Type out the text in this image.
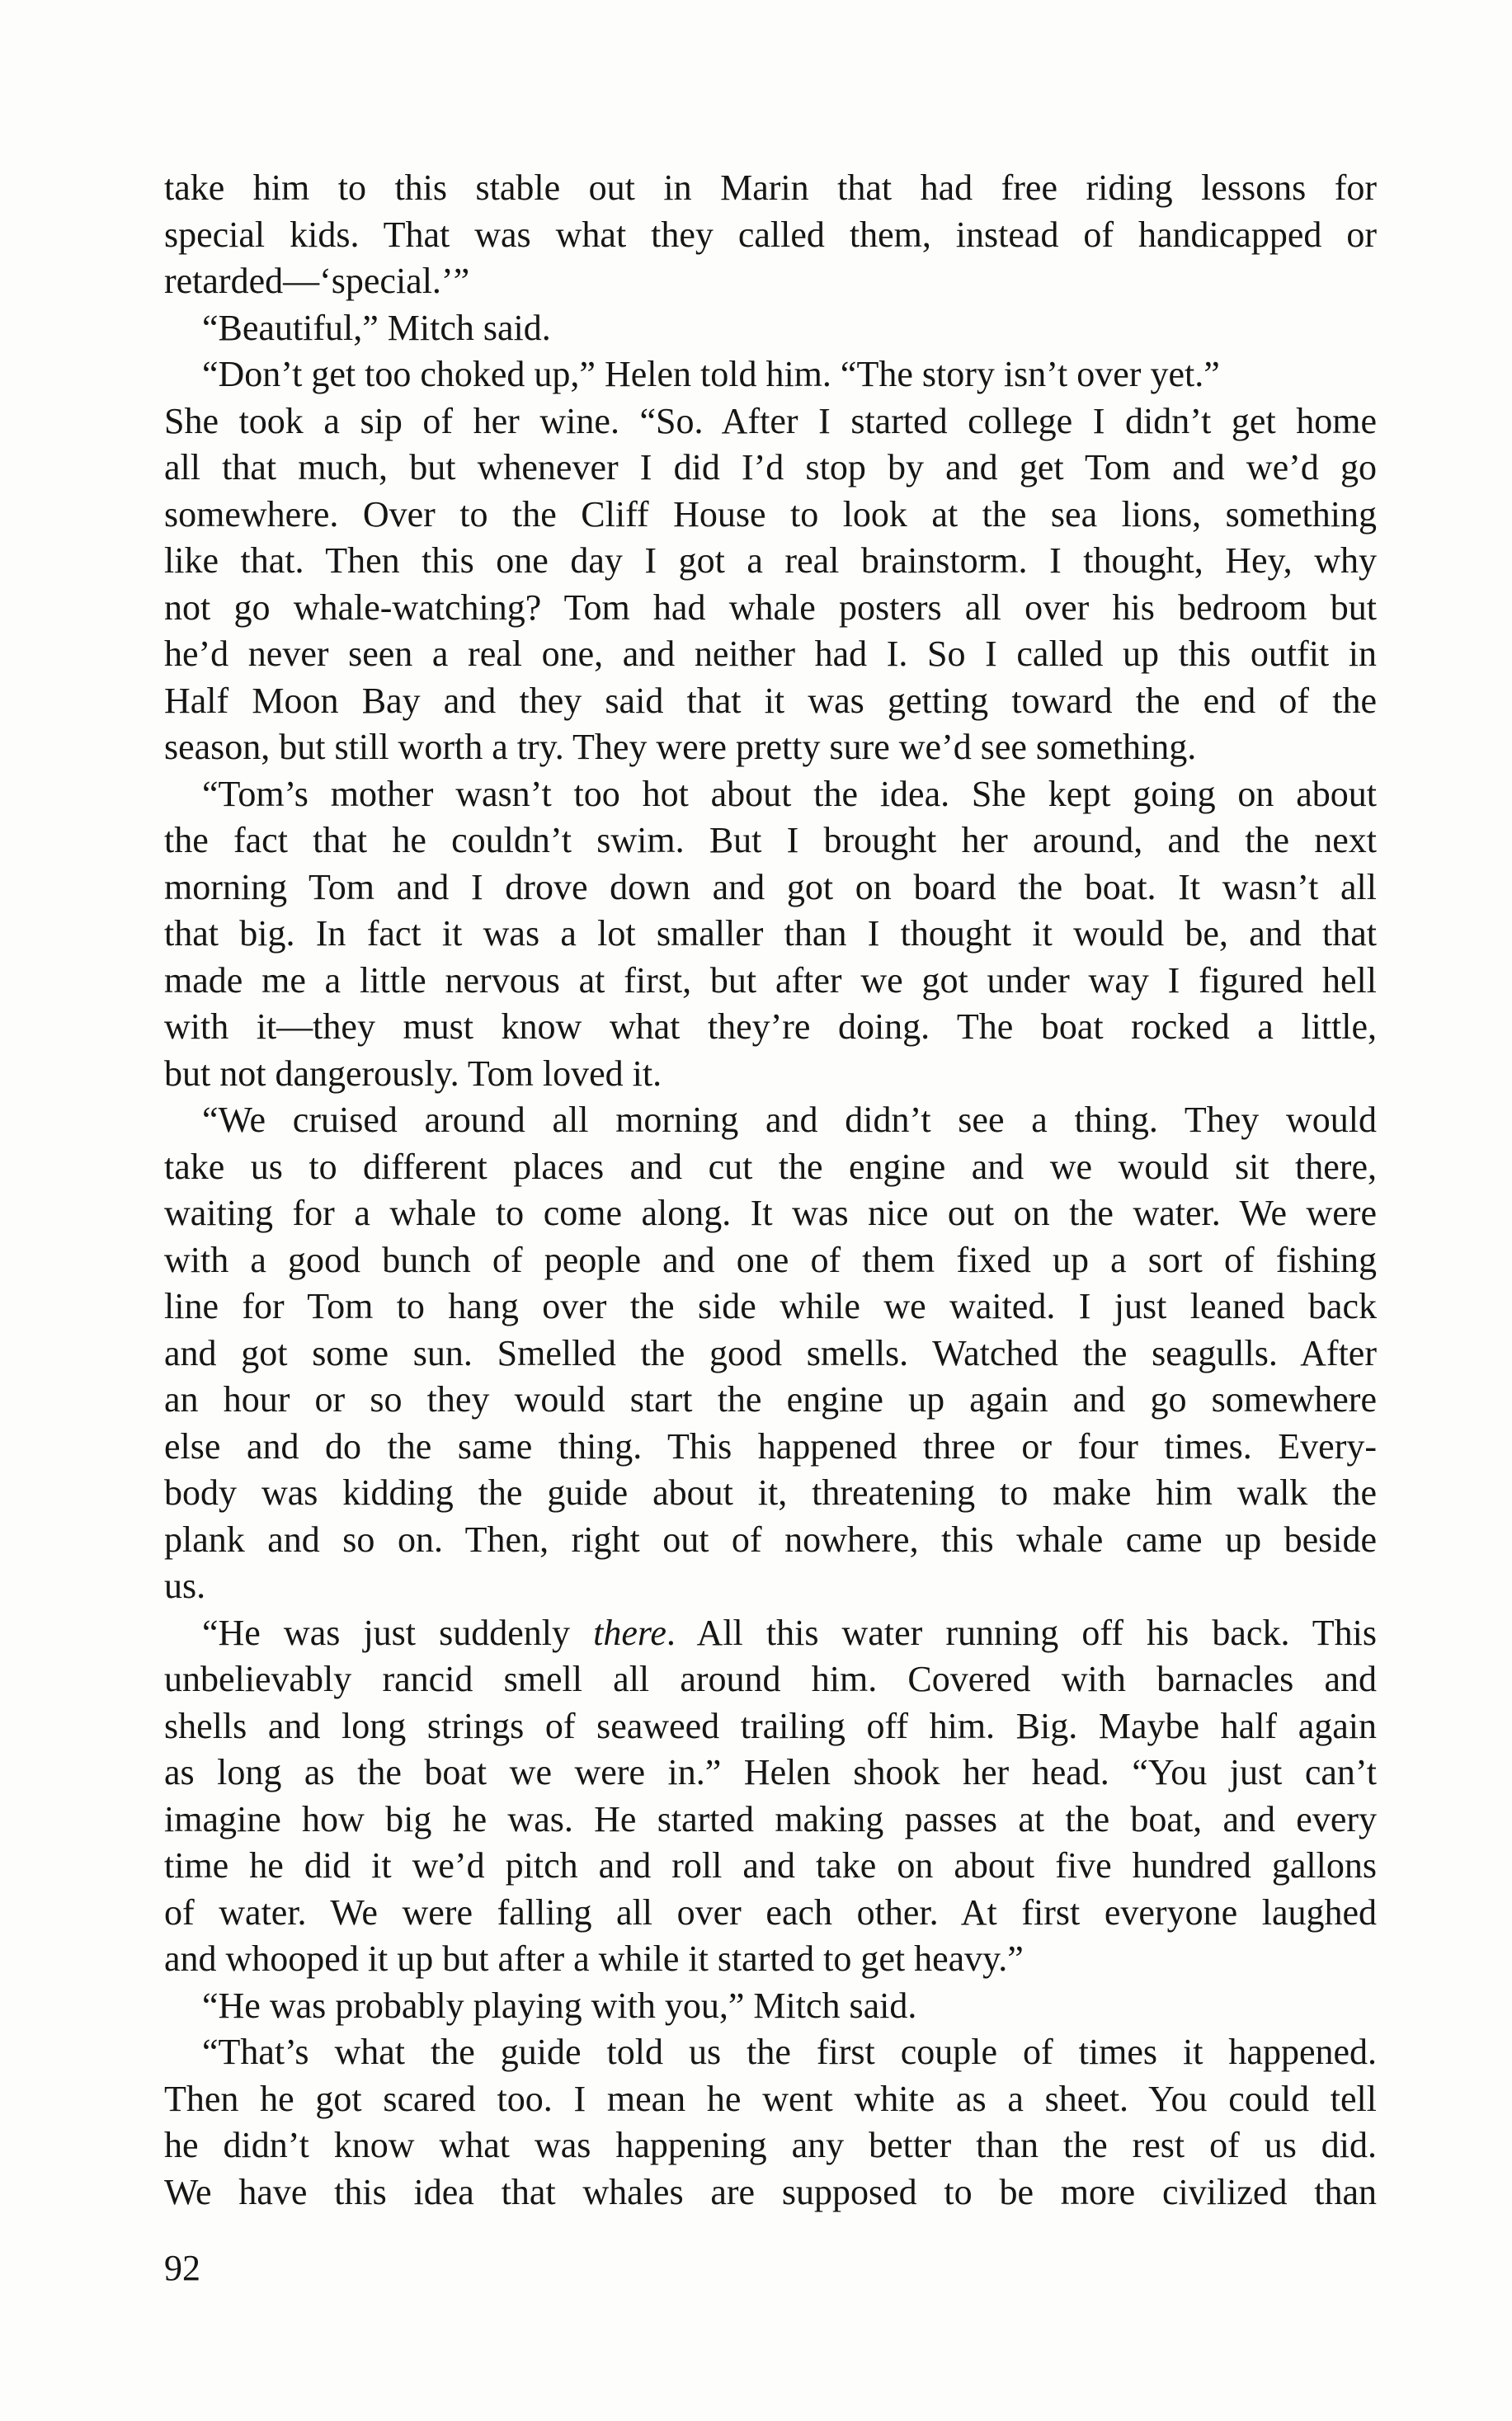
take him to this stable out in Marin that had free riding lessons for
special kids. That was what they called them, instead of handicapped or
retarded—‘special.’”
“Beautiful,” Mitch said.
“Don’t get too choked up,” Helen told him. “The story isn’t over yet.”
She took a sip of her wine. “So. After I started college I didn’t get home
all that much, but whenever I did I’d stop by and get Tom and we’d go
somewhere. Over to the Cliff House to look at the sea lions, something
like that. Then this one day I got a real brainstorm. I thought, Hey, why
not go whale-watching? Tom had whale posters all over his bedroom but
he’d never seen a real one, and neither had I. So I called up this outfit in
Half Moon Bay and they said that it was getting toward the end of the
season, but still worth a try. They were pretty sure we’d see something.
“Tom’s mother wasn’t too hot about the idea. She kept going on about
the fact that he couldn’t swim. But I brought her around, and the next
morning Tom and I drove down and got on board the boat. It wasn’t all
that big. In fact it was a lot smaller than I thought it would be, and that
made me a little nervous at first, but after we got under way I figured hell
with it—they must know what they’re doing. The boat rocked a little,
but not dangerously. Tom loved it.
“We cruised around all morning and didn’t see a thing. They would
take us to different places and cut the engine and we would sit there,
waiting for a whale to come along. It was nice out on the water. We were
with a good bunch of people and one of them fixed up a sort of fishing
line for Tom to hang over the side while we waited. I just leaned back
and got some sun. Smelled the good smells. Watched the seagulls. After
an hour or so they would start the engine up again and go somewhere
else and do the same thing. This happened three or four times. Every-
body was kidding the guide about it, threatening to make him walk the
plank and so on. Then, right out of nowhere, this whale came up beside
us.
“He was just suddenly there. All this water running off his back. This
unbelievably rancid smell all around him. Covered with barnacles and
shells and long strings of seaweed trailing off him. Big. Maybe half again
as long as the boat we were in.” Helen shook her head. “You just can’t
imagine how big he was. He started making passes at the boat, and every
time he did it we’d pitch and roll and take on about five hundred gallons
of water. We were falling all over each other. At first everyone laughed
and whooped it up but after a while it started to get heavy.”
“He was probably playing with you,” Mitch said.
“That’s what the guide told us the first couple of times it happened.
Then he got scared too. I mean he went white as a sheet. You could tell
he didn’t know what was happening any better than the rest of us did.
We have this idea that whales are supposed to be more civilized than
92
